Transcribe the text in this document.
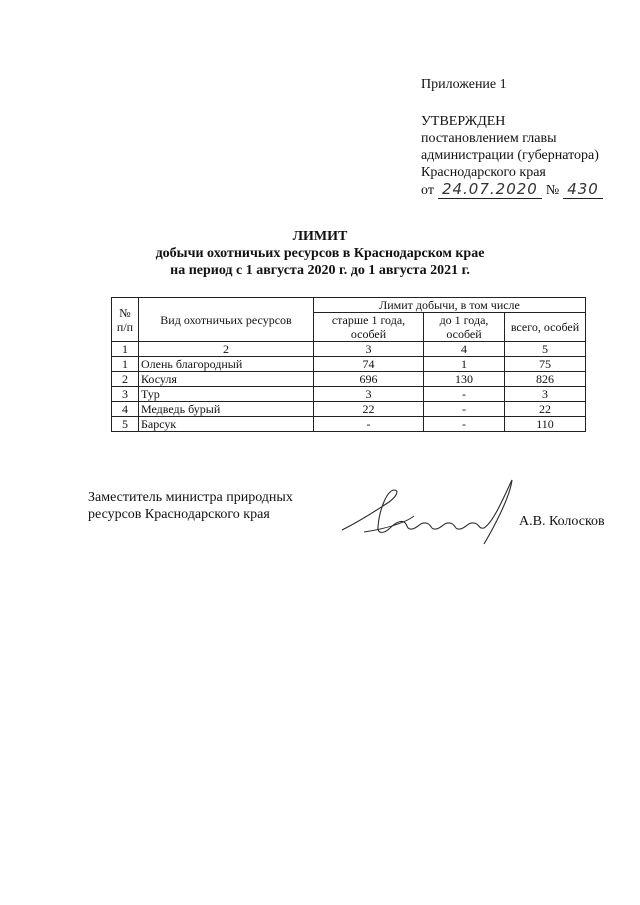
Приложение 1
УТВЕРЖДЕН
постановлением главы
администрации (губернатора)
Краснодарского края
от 24.07.2020 № 430
ЛИМИТ
добычи охотничьих ресурсов в Краснодарском крае
на период с 1 августа 2020 г. до 1 августа 2021 г.
№ п/п	Вид охотничьих ресурсов	Лимит добычи, в том числе		
		старше 1 года, особей	до 1 года, особей	всего, особей
1	2	3	4	5
1	Олень благородный	74	1	75
2	Косуля	696	130	826
3	Тур	3	-	3
4	Медведь бурый	22	-	22
5	Барсук	-	-	110
Заместитель министра природных
ресурсов Краснодарского края	А.В. Колосков
